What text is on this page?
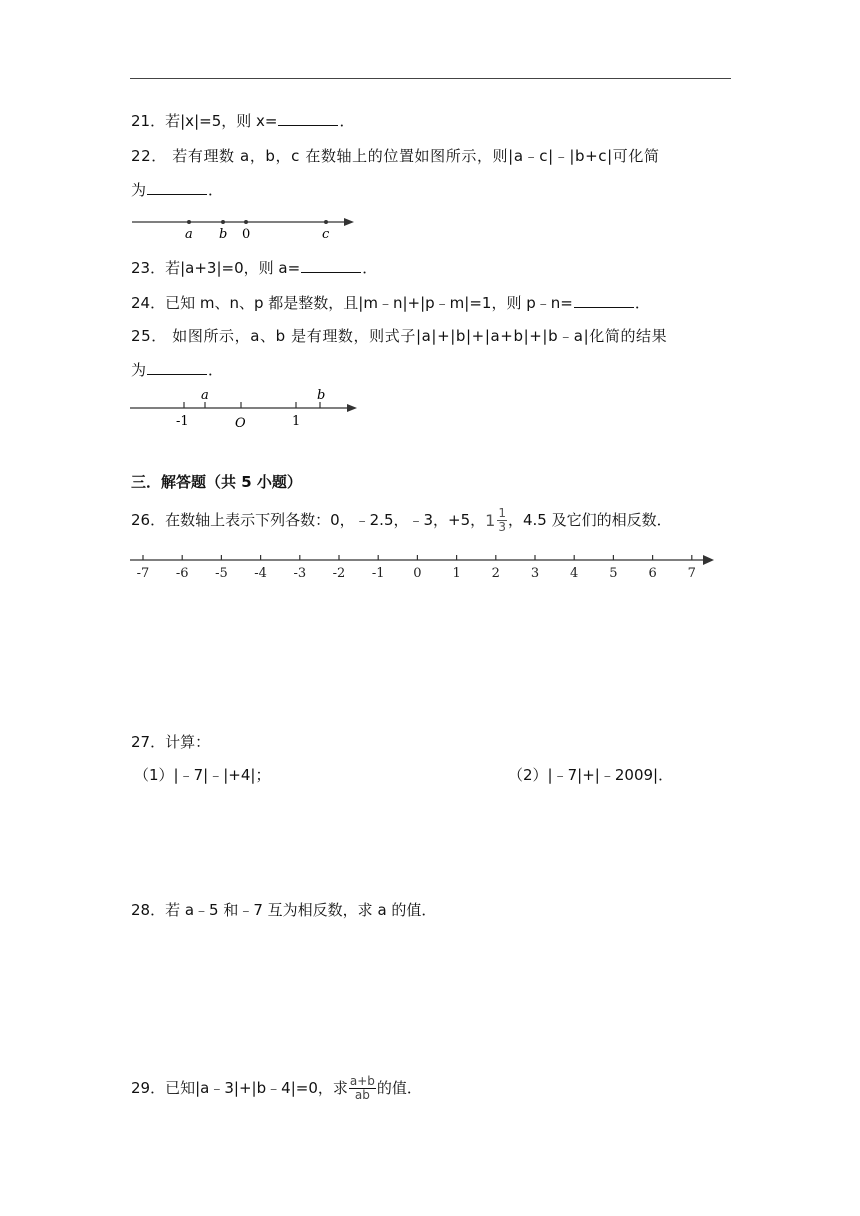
21．若|x|=5，则 x=	．
22． 若有理数 a，b，c 在数轴上的位置如图所示，则|a﹣c|﹣|b+c|可化简
为	．
a b 0	c
23．若|a+3|=0，则 a=	．
24．已知 m、n、p 都是整数，且|m﹣n|+|p﹣m|=1，则 p﹣n=	．
25． 如图所示，a、b 是有理数，则式子|a|+|b|+|a+b|+|b﹣a|化简的结果
为	．
a	b
-1	O	1
三．解答题（共 5 小题）
26．在数轴上表示下列各数：0，﹣2.5，﹣3，+5， $1 \frac{1}{3}$ ，4.5 及它们的相反数．
-7 -6 -5 -4 -3 -2 -1 0 1 2 3 4 5 6 7
27．计算：
（1）|﹣7|﹣|+4|；	（2）|﹣7|+|﹣2009|．
28．若 a﹣5 和﹣7 互为相反数，求 a 的值．
29．已知|a﹣3|+|b﹣4|=0，求 $\frac{a+b}{ab}$ 的值．
